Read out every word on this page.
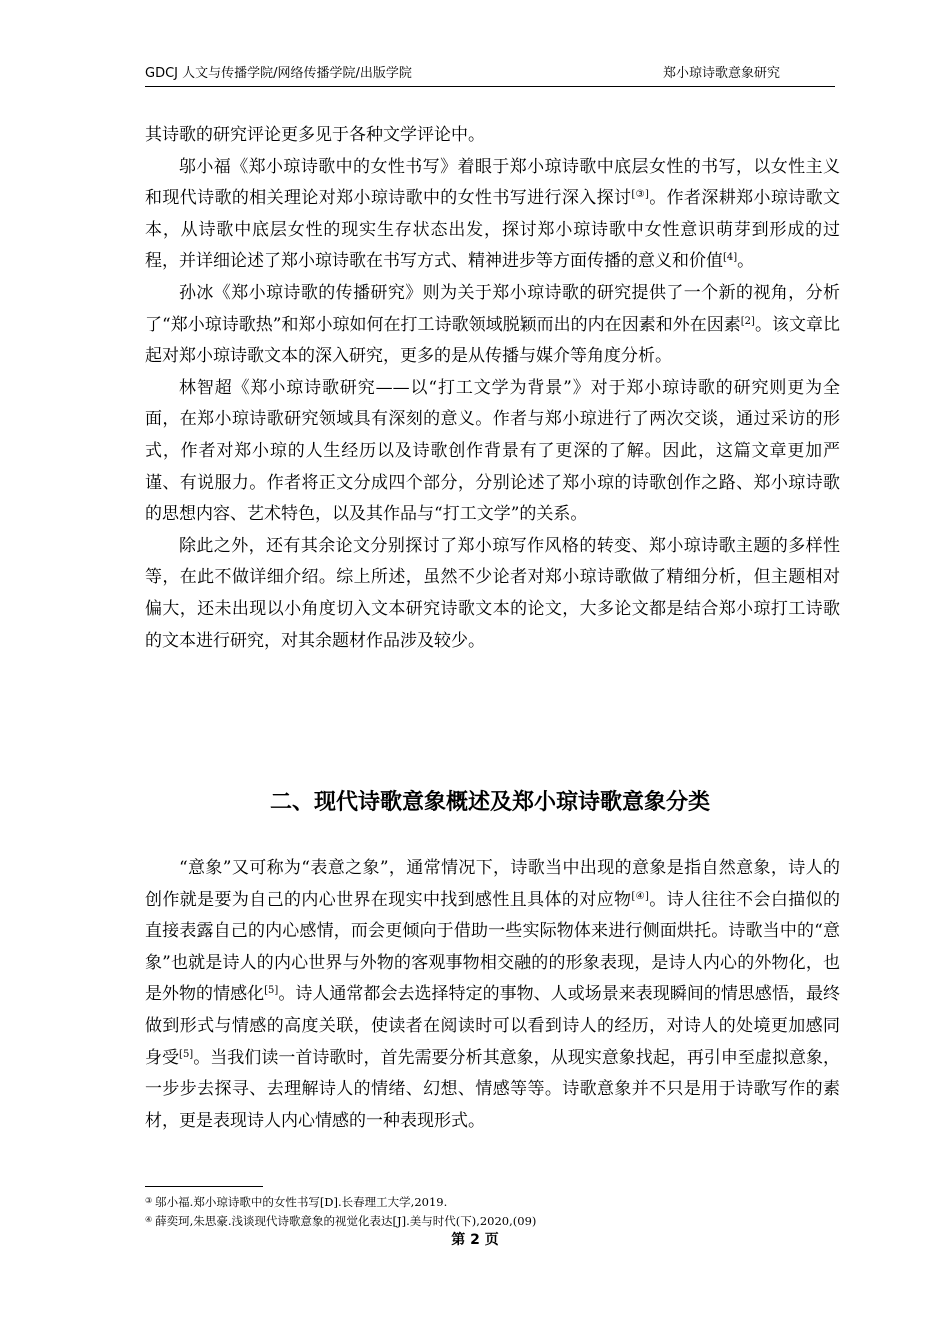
GDCJ 人文与传播学院/网络传播学院/出版学院	郑小琼诗歌意象研究

其诗歌的研究评论更多见于各种文学评论中。

邬小福《郑小琼诗歌中的女性书写》着眼于郑小琼诗歌中底层女性的书写，以女性主义和现代诗歌的相关理论对郑小琼诗歌中的女性书写进行深入探讨[③]。作者深耕郑小琼诗歌文本，从诗歌中底层女性的现实生存状态出发，探讨郑小琼诗歌中女性意识萌芽到形成的过程，并详细论述了郑小琼诗歌在书写方式、精神进步等方面传播的意义和价值[4]。

孙冰《郑小琼诗歌的传播研究》则为关于郑小琼诗歌的研究提供了一个新的视角，分析了“郑小琼诗歌热”和郑小琼如何在打工诗歌领域脱颖而出的内在因素和外在因素[2]。该文章比起对郑小琼诗歌文本的深入研究，更多的是从传播与媒介等角度分析。

林智超《郑小琼诗歌研究——以“打工文学为背景”》对于郑小琼诗歌的研究则更为全面，在郑小琼诗歌研究领域具有深刻的意义。作者与郑小琼进行了两次交谈，通过采访的形式，作者对郑小琼的人生经历以及诗歌创作背景有了更深的了解。因此，这篇文章更加严谨、有说服力。作者将正文分成四个部分，分别论述了郑小琼的诗歌创作之路、郑小琼诗歌的思想内容、艺术特色，以及其作品与“打工文学”的关系。

除此之外，还有其余论文分别探讨了郑小琼写作风格的转变、郑小琼诗歌主题的多样性等，在此不做详细介绍。综上所述，虽然不少论者对郑小琼诗歌做了精细分析，但主题相对偏大，还未出现以小角度切入文本研究诗歌文本的论文，大多论文都是结合郑小琼打工诗歌的文本进行研究，对其余题材作品涉及较少。

二、现代诗歌意象概述及郑小琼诗歌意象分类

“意象”又可称为“表意之象”，通常情况下，诗歌当中出现的意象是指自然意象，诗人的创作就是要为自己的内心世界在现实中找到感性且具体的对应物[④]。诗人往往不会白描似的直接表露自己的内心感情，而会更倾向于借助一些实际物体来进行侧面烘托。诗歌当中的“意象”也就是诗人的内心世界与外物的客观事物相交融的的形象表现，是诗人内心的外物化，也是外物的情感化[5]。诗人通常都会去选择特定的事物、人或场景来表现瞬间的情思感悟，最终做到形式与情感的高度关联，使读者在阅读时可以看到诗人的经历，对诗人的处境更加感同身受[5]。当我们读一首诗歌时，首先需要分析其意象，从现实意象找起，再引申至虚拟意象，一步步去探寻、去理解诗人的情绪、幻想、情感等等。诗歌意象并不只是用于诗歌写作的素材，更是表现诗人内心情感的一种表现形式。

③ 邬小福.郑小琼诗歌中的女性书写[D].长春理工大学,2019.
④ 薛奕珂,朱思豪.浅谈现代诗歌意象的视觉化表达[J].美与时代(下),2020,(09)
第 2 页
